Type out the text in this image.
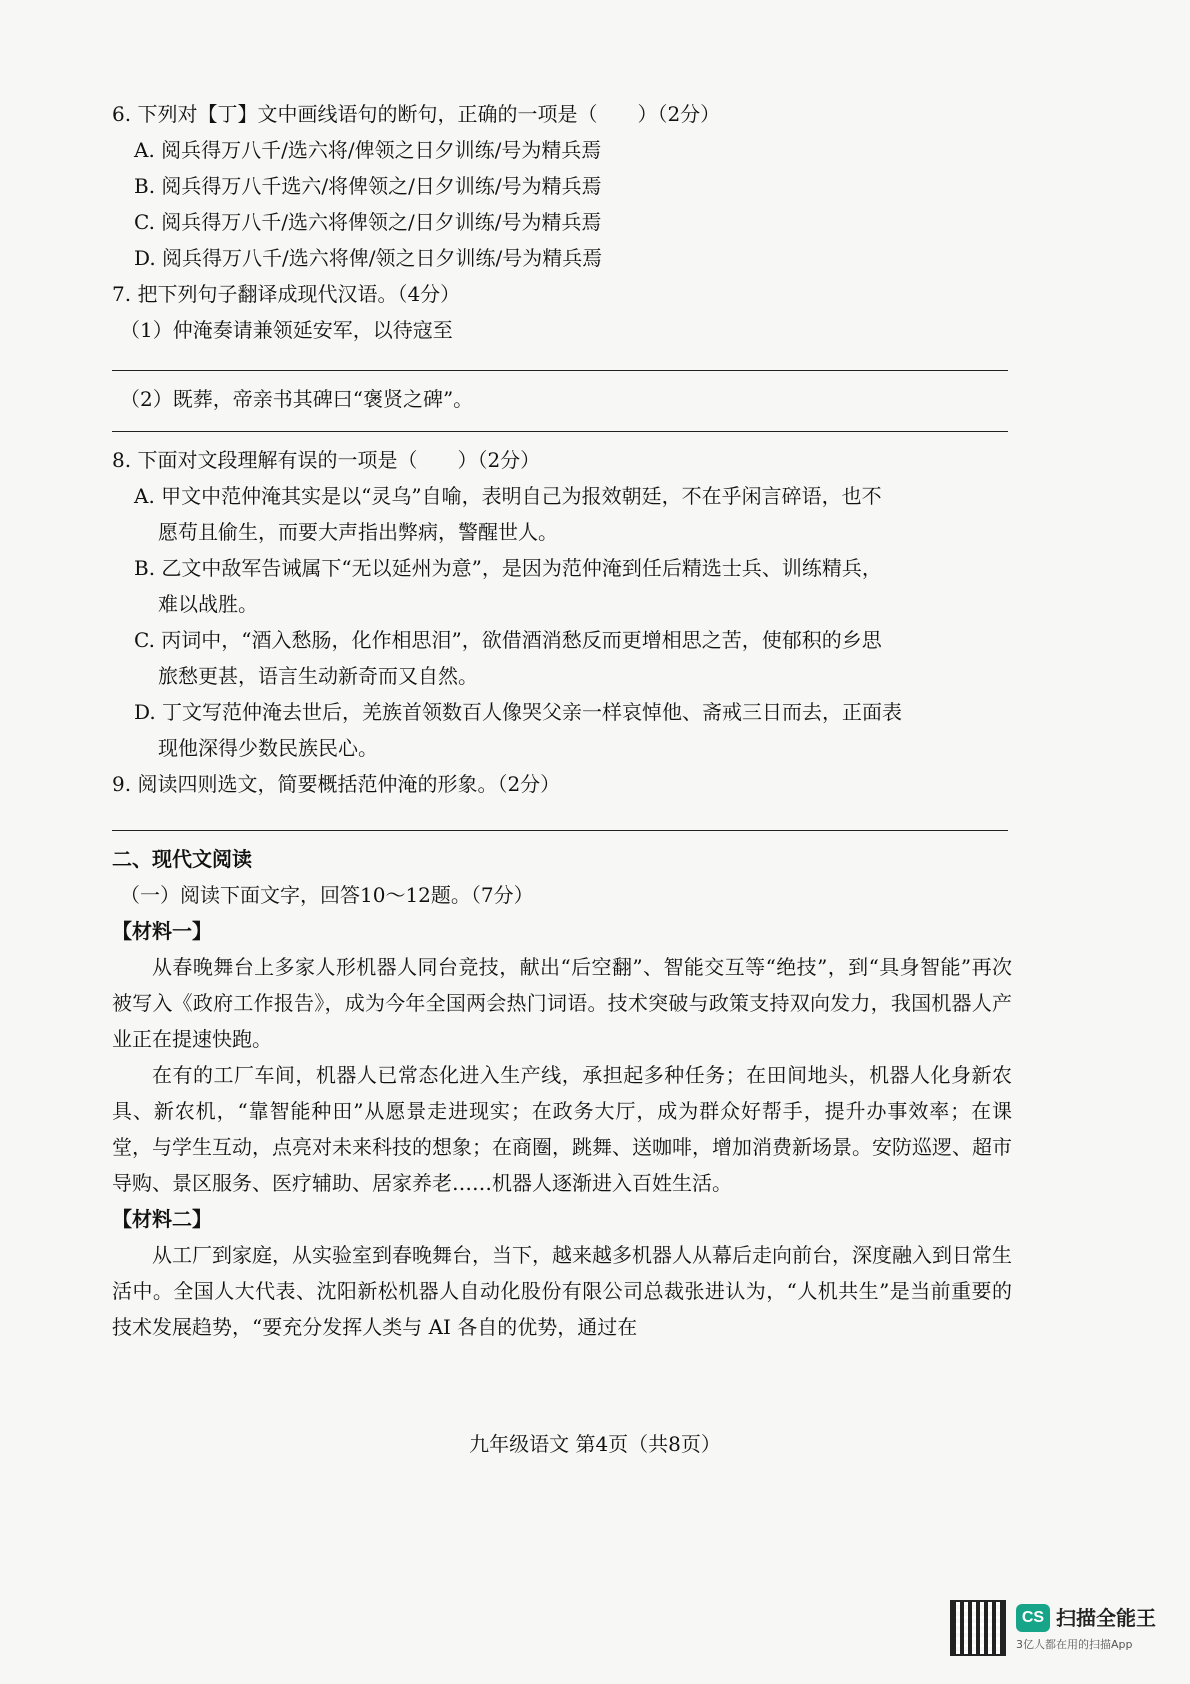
6. 下列对【丁】文中画线语句的断句，正确的一项是（　　）（2分）

A. 阅兵得万八千/选六将/俾领之日夕训练/号为精兵焉

B. 阅兵得万八千选六/将俾领之/日夕训练/号为精兵焉

C. 阅兵得万八千/选六将俾领之/日夕训练/号为精兵焉

D. 阅兵得万八千/选六将俾/领之日夕训练/号为精兵焉

7. 把下列句子翻译成现代汉语。（4分）

（1）仲淹奏请兼领延安军，以待寇至

（2）既葬，帝亲书其碑曰“褒贤之碑”。

8. 下面对文段理解有误的一项是（　　）（2分）

A. 甲文中范仲淹其实是以“灵乌”自喻，表明自己为报效朝廷，不在乎闲言碎语，也不

愿苟且偷生，而要大声指出弊病，警醒世人。

B. 乙文中敌军告诫属下“无以延州为意”，是因为范仲淹到任后精选士兵、训练精兵，

难以战胜。

C. 丙词中，“酒入愁肠，化作相思泪”，欲借酒消愁反而更增相思之苦，使郁积的乡思

旅愁更甚，语言生动新奇而又自然。

D. 丁文写范仲淹去世后，羌族首领数百人像哭父亲一样哀悼他、斋戒三日而去，正面表

现他深得少数民族民心。

9. 阅读四则选文，简要概括范仲淹的形象。（2分）

二、现代文阅读

（一）阅读下面文字，回答10～12题。（7分）

【材料一】

从春晚舞台上多家人形机器人同台竞技，献出“后空翻”、智能交互等“绝技”，到“具身智能”再次被写入《政府工作报告》，成为今年全国两会热门词语。技术突破与政策支持双向发力，我国机器人产业正在提速快跑。

在有的工厂车间，机器人已常态化进入生产线，承担起多种任务；在田间地头，机器人化身新农具、新农机，“靠智能种田”从愿景走进现实；在政务大厅，成为群众好帮手，提升办事效率；在课堂，与学生互动，点亮对未来科技的想象；在商圈，跳舞、送咖啡，增加消费新场景。安防巡逻、超市导购、景区服务、医疗辅助、居家养老……机器人逐渐进入百姓生活。

【材料二】

从工厂到家庭，从实验室到春晚舞台，当下，越来越多机器人从幕后走向前台，深度融入到日常生活中。全国人大代表、沈阳新松机器人自动化股份有限公司总裁张进认为，“人机共生”是当前重要的技术发展趋势，“要充分发挥人类与 AI 各自的优势，通过在

九年级语文 第4页（共8页）
CS 扫描全能王
3亿人都在用的扫描App
